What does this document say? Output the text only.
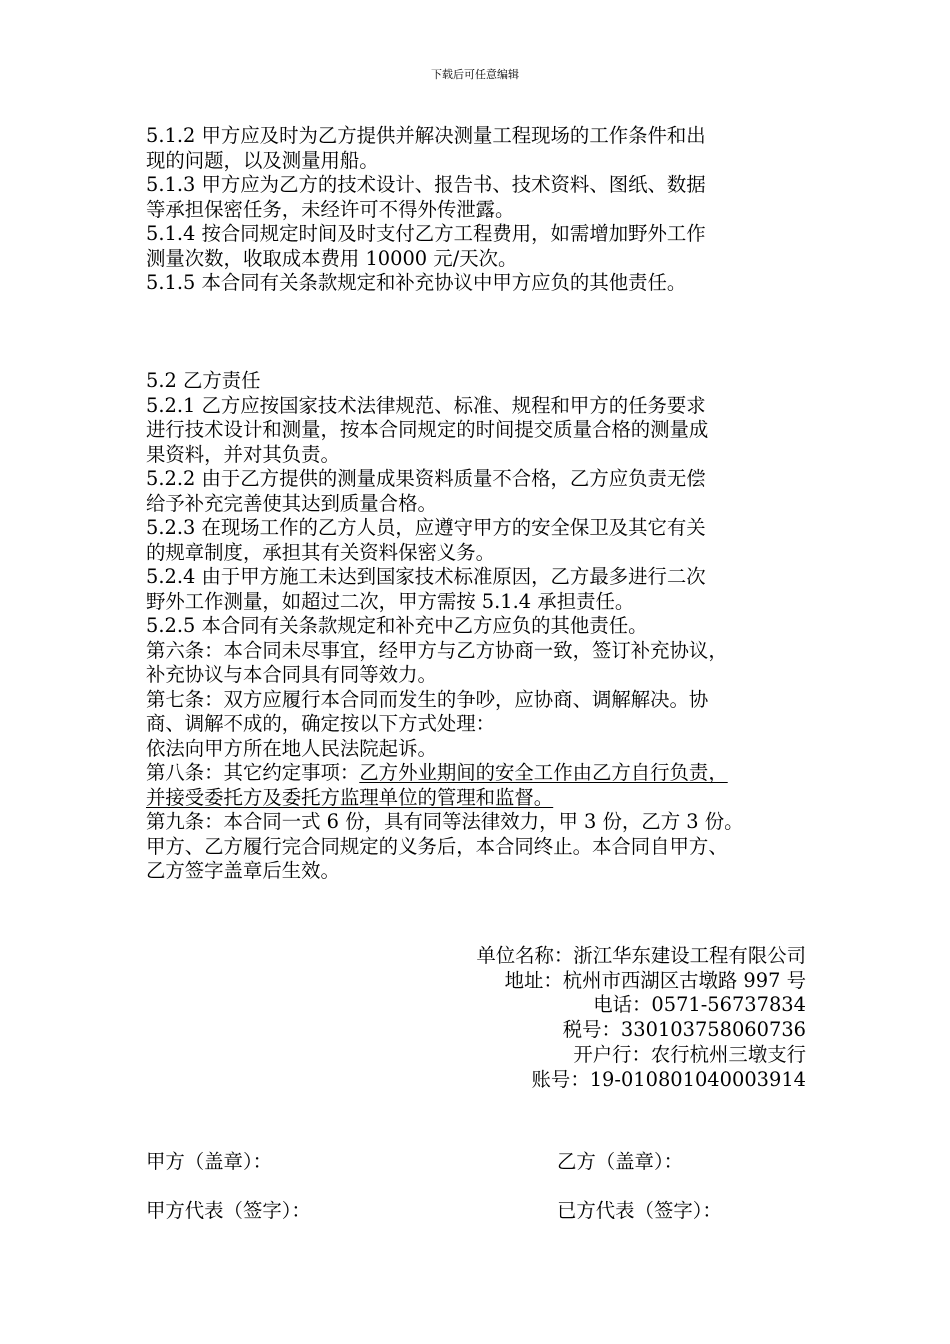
下载后可任意编辑
5.1.2 甲方应及时为乙方提供并解决测量工程现场的工作条件和出
现的问题，以及测量用船。
5.1.3 甲方应为乙方的技术设计、报告书、技术资料、图纸、数据
等承担保密任务，未经许可不得外传泄露。
5.1.4 按合同规定时间及时支付乙方工程费用，如需增加野外工作
测量次数，收取成本费用 10000 元/天次。
5.1.5 本合同有关条款规定和补充协议中甲方应负的其他责任。
5.2 乙方责任
5.2.1 乙方应按国家技术法律规范、标准、规程和甲方的任务要求
进行技术设计和测量，按本合同规定的时间提交质量合格的测量成
果资料，并对其负责。
5.2.2 由于乙方提供的测量成果资料质量不合格，乙方应负责无偿
给予补充完善使其达到质量合格。
5.2.3 在现场工作的乙方人员，应遵守甲方的安全保卫及其它有关
的规章制度，承担其有关资料保密义务。
5.2.4 由于甲方施工未达到国家技术标准原因，乙方最多进行二次
野外工作测量，如超过二次，甲方需按 5.1.4 承担责任。
5.2.5 本合同有关条款规定和补充中乙方应负的其他责任。
第六条：本合同未尽事宜，经甲方与乙方协商一致，签订补充协议，
补充协议与本合同具有同等效力。
第七条：双方应履行本合同而发生的争吵，应协商、调解解决。协
商、调解不成的，确定按以下方式处理：
依法向甲方所在地人民法院起诉。
第八条：其它约定事项：乙方外业期间的安全工作由乙方自行负责，
并接受委托方及委托方监理单位的管理和监督。
第九条：本合同一式 6 份，具有同等法律效力，甲 3 份，乙方 3 份。
甲方、乙方履行完合同规定的义务后，本合同终止。本合同自甲方、
乙方签字盖章后生效。
单位名称：浙江华东建设工程有限公司
地址：杭州市西湖区古墩路 997 号
电话：0571-56737834
税号：330103758060736
开户行：农行杭州三墩支行
账号：19-010801040003914
甲方（盖章）：	乙方（盖章）：
甲方代表（签字）：	已方代表（签字）：
